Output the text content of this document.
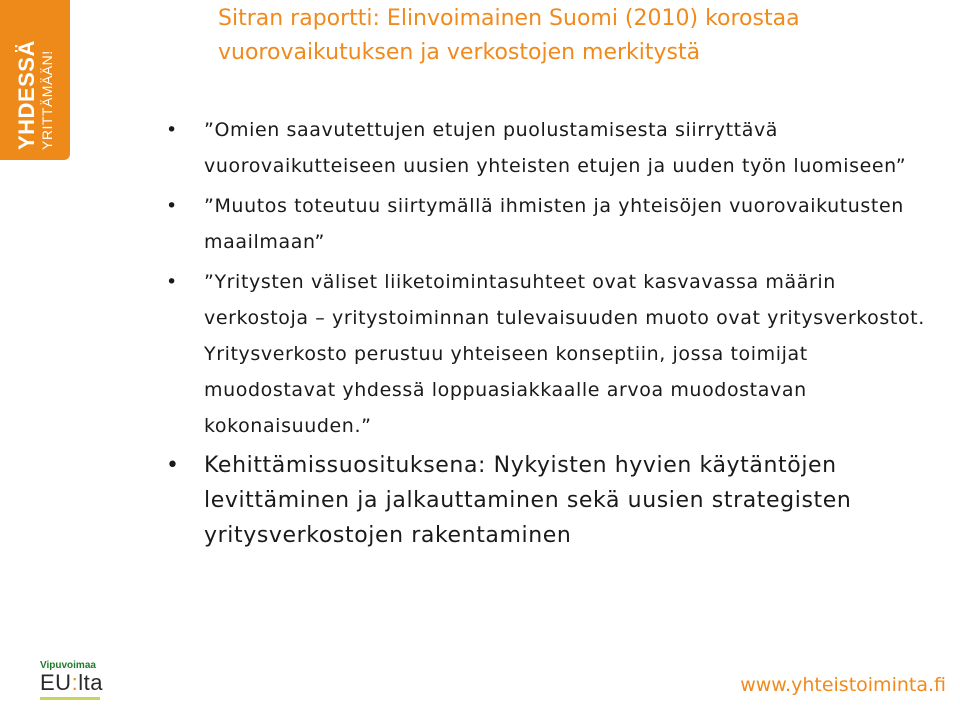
YHDESSÄ YRITTÄMÄÄN!
Sitran raportti: Elinvoimainen Suomi (2010) korostaa vuorovaikutuksen ja verkostojen merkitystä
• ”Omien saavutettujen etujen puolustamisesta siirryttävä vuorovaikutteiseen uusien yhteisten etujen ja uuden työn luomiseen”
• ”Muutos toteutuu siirtymällä ihmisten ja yhteisöjen vuorovaikutusten maailmaan”
• ”Yritysten väliset liiketoimintasuhteet ovat kasvavassa määrin verkostoja – yritystoiminnan tulevaisuuden muoto ovat yritysverkostot. Yritysverkosto perustuu yhteiseen konseptiin, jossa toimijat muodostavat yhdessä loppuasiakkaalle arvoa muodostavan kokonaisuuden.”
• Kehittämissuosituksena: Nykyisten hyvien käytäntöjen levittäminen ja jalkauttaminen sekä uusien strategisten yritysverkostojen rakentaminen
Vipuvoimaa
EU:lta	www.yhteistoiminta.fi
